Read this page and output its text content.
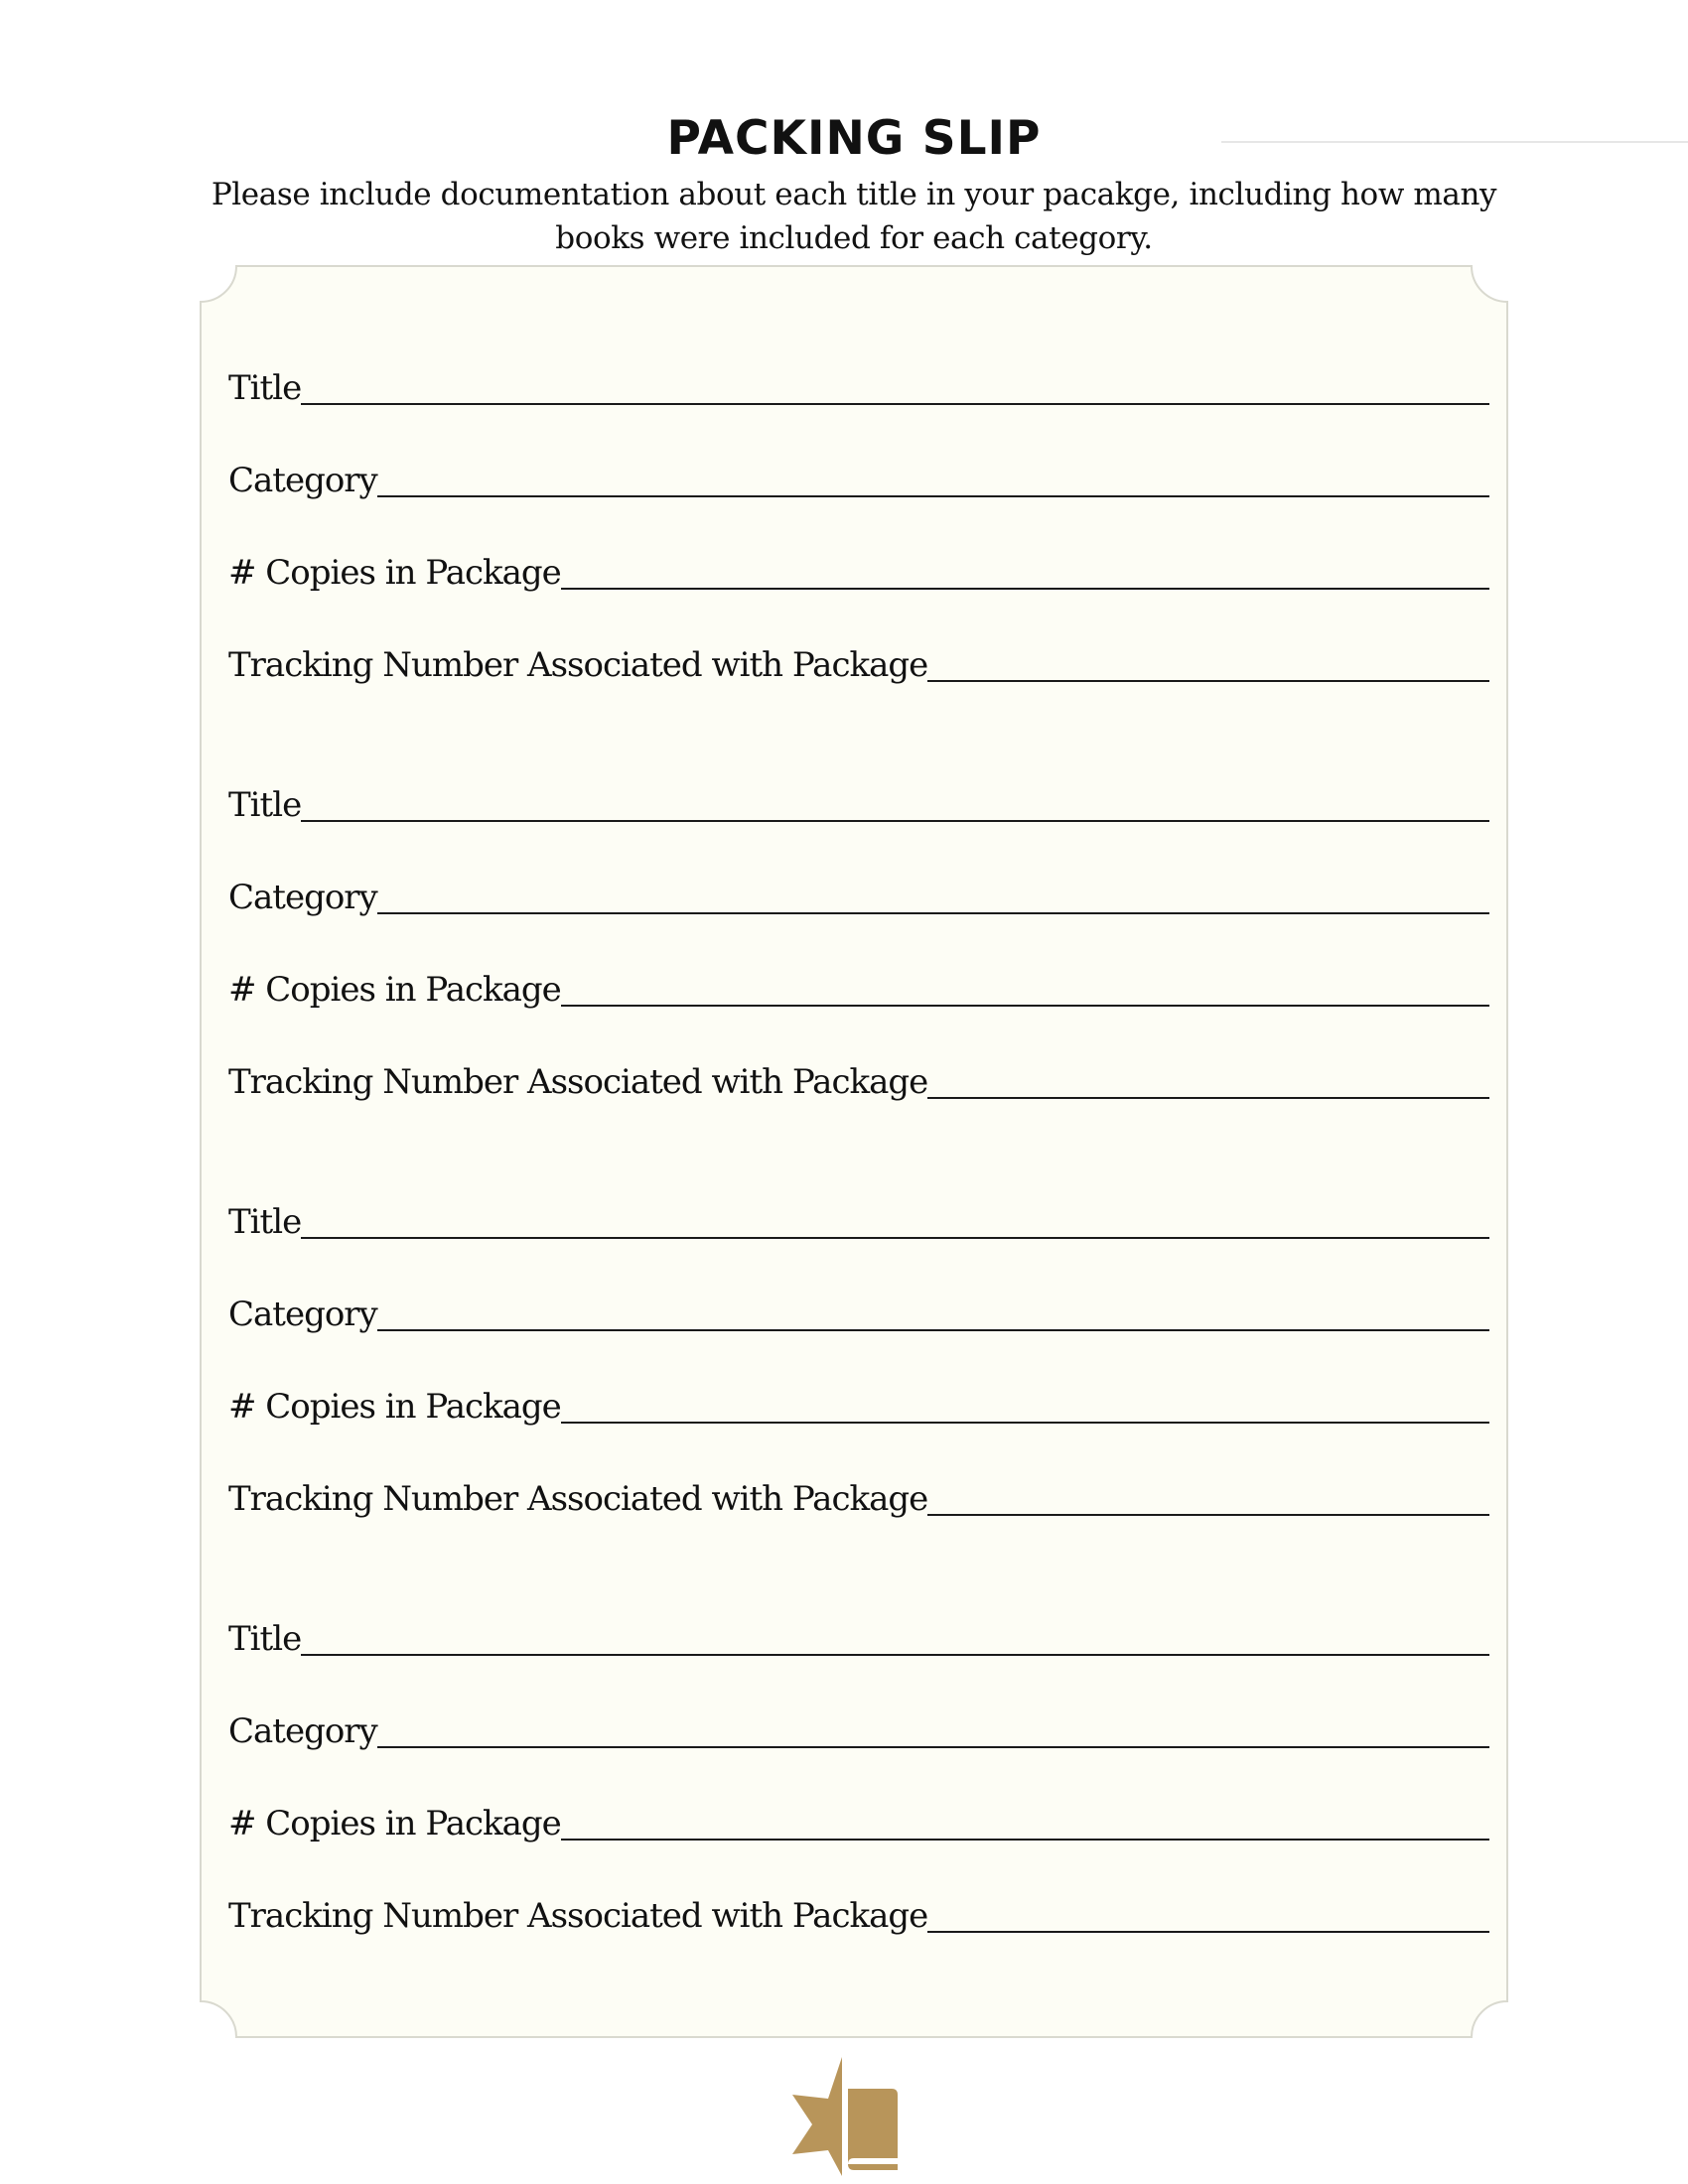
PACKING SLIP

Please include documentation about each title in your pacakge, including how many books were included for each category.

Title
Category
# Copies in Package
Tracking Number Associated with Package
Title
Category
# Copies in Package
Tracking Number Associated with Package
Title
Category
# Copies in Package
Tracking Number Associated with Package
Title
Category
# Copies in Package
Tracking Number Associated with Package
